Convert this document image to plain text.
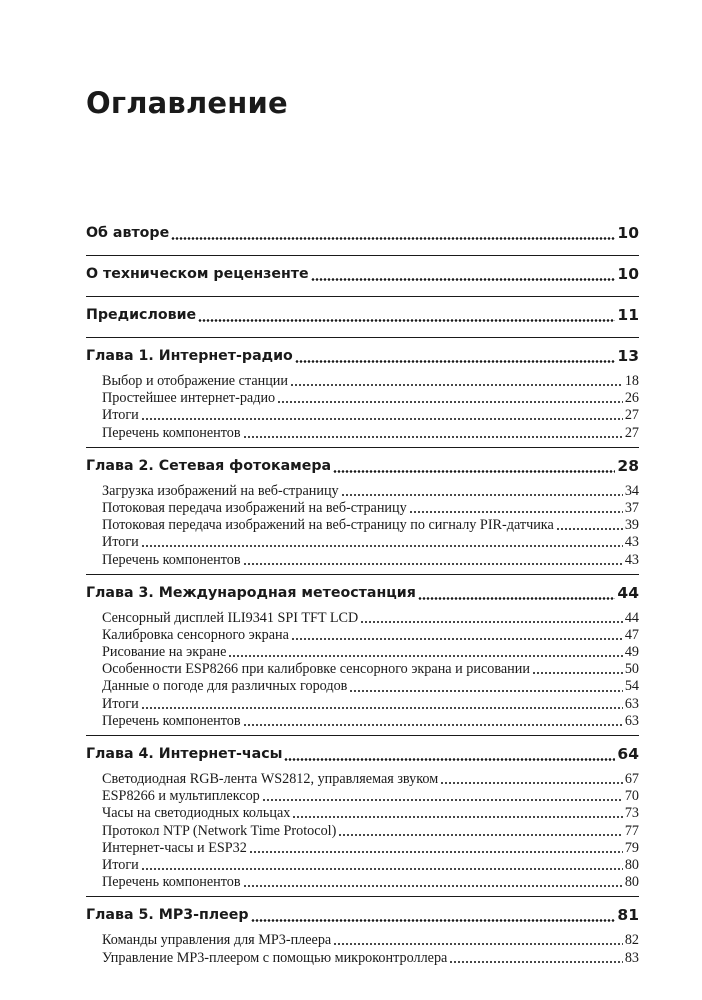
Оглавление
Об авторе	10
О техническом рецензенте	10
Предисловие	11
Глава 1. Интернет-радио	13
Выбор и отображение станции	18
Простейшее интернет-радио	26
Итоги	27
Перечень компонентов	27
Глава 2. Сетевая фотокамера	28
Загрузка изображений на веб-страницу	34
Потоковая передача изображений на веб-страницу	37
Потоковая передача изображений на веб-страницу по сигналу PIR-датчика	39
Итоги	43
Перечень компонентов	43
Глава 3. Международная метеостанция	44
Сенсорный дисплей ILI9341 SPI TFT LCD	44
Калибровка сенсорного экрана	47
Рисование на экране	49
Особенности ESP8266 при калибровке сенсорного экрана и рисовании	50
Данные о погоде для различных городов	54
Итоги	63
Перечень компонентов	63
Глава 4. Интернет-часы	64
Светодиодная RGB-лента WS2812, управляемая звуком	67
ESP8266 и мультиплексор	70
Часы на светодиодных кольцах	73
Протокол NTP (Network Time Protocol)	77
Интернет-часы и ESP32	79
Итоги	80
Перечень компонентов	80
Глава 5. MP3-плеер	81
Команды управления для MP3-плеера	82
Управление MP3-плеером с помощью микроконтроллера	83
